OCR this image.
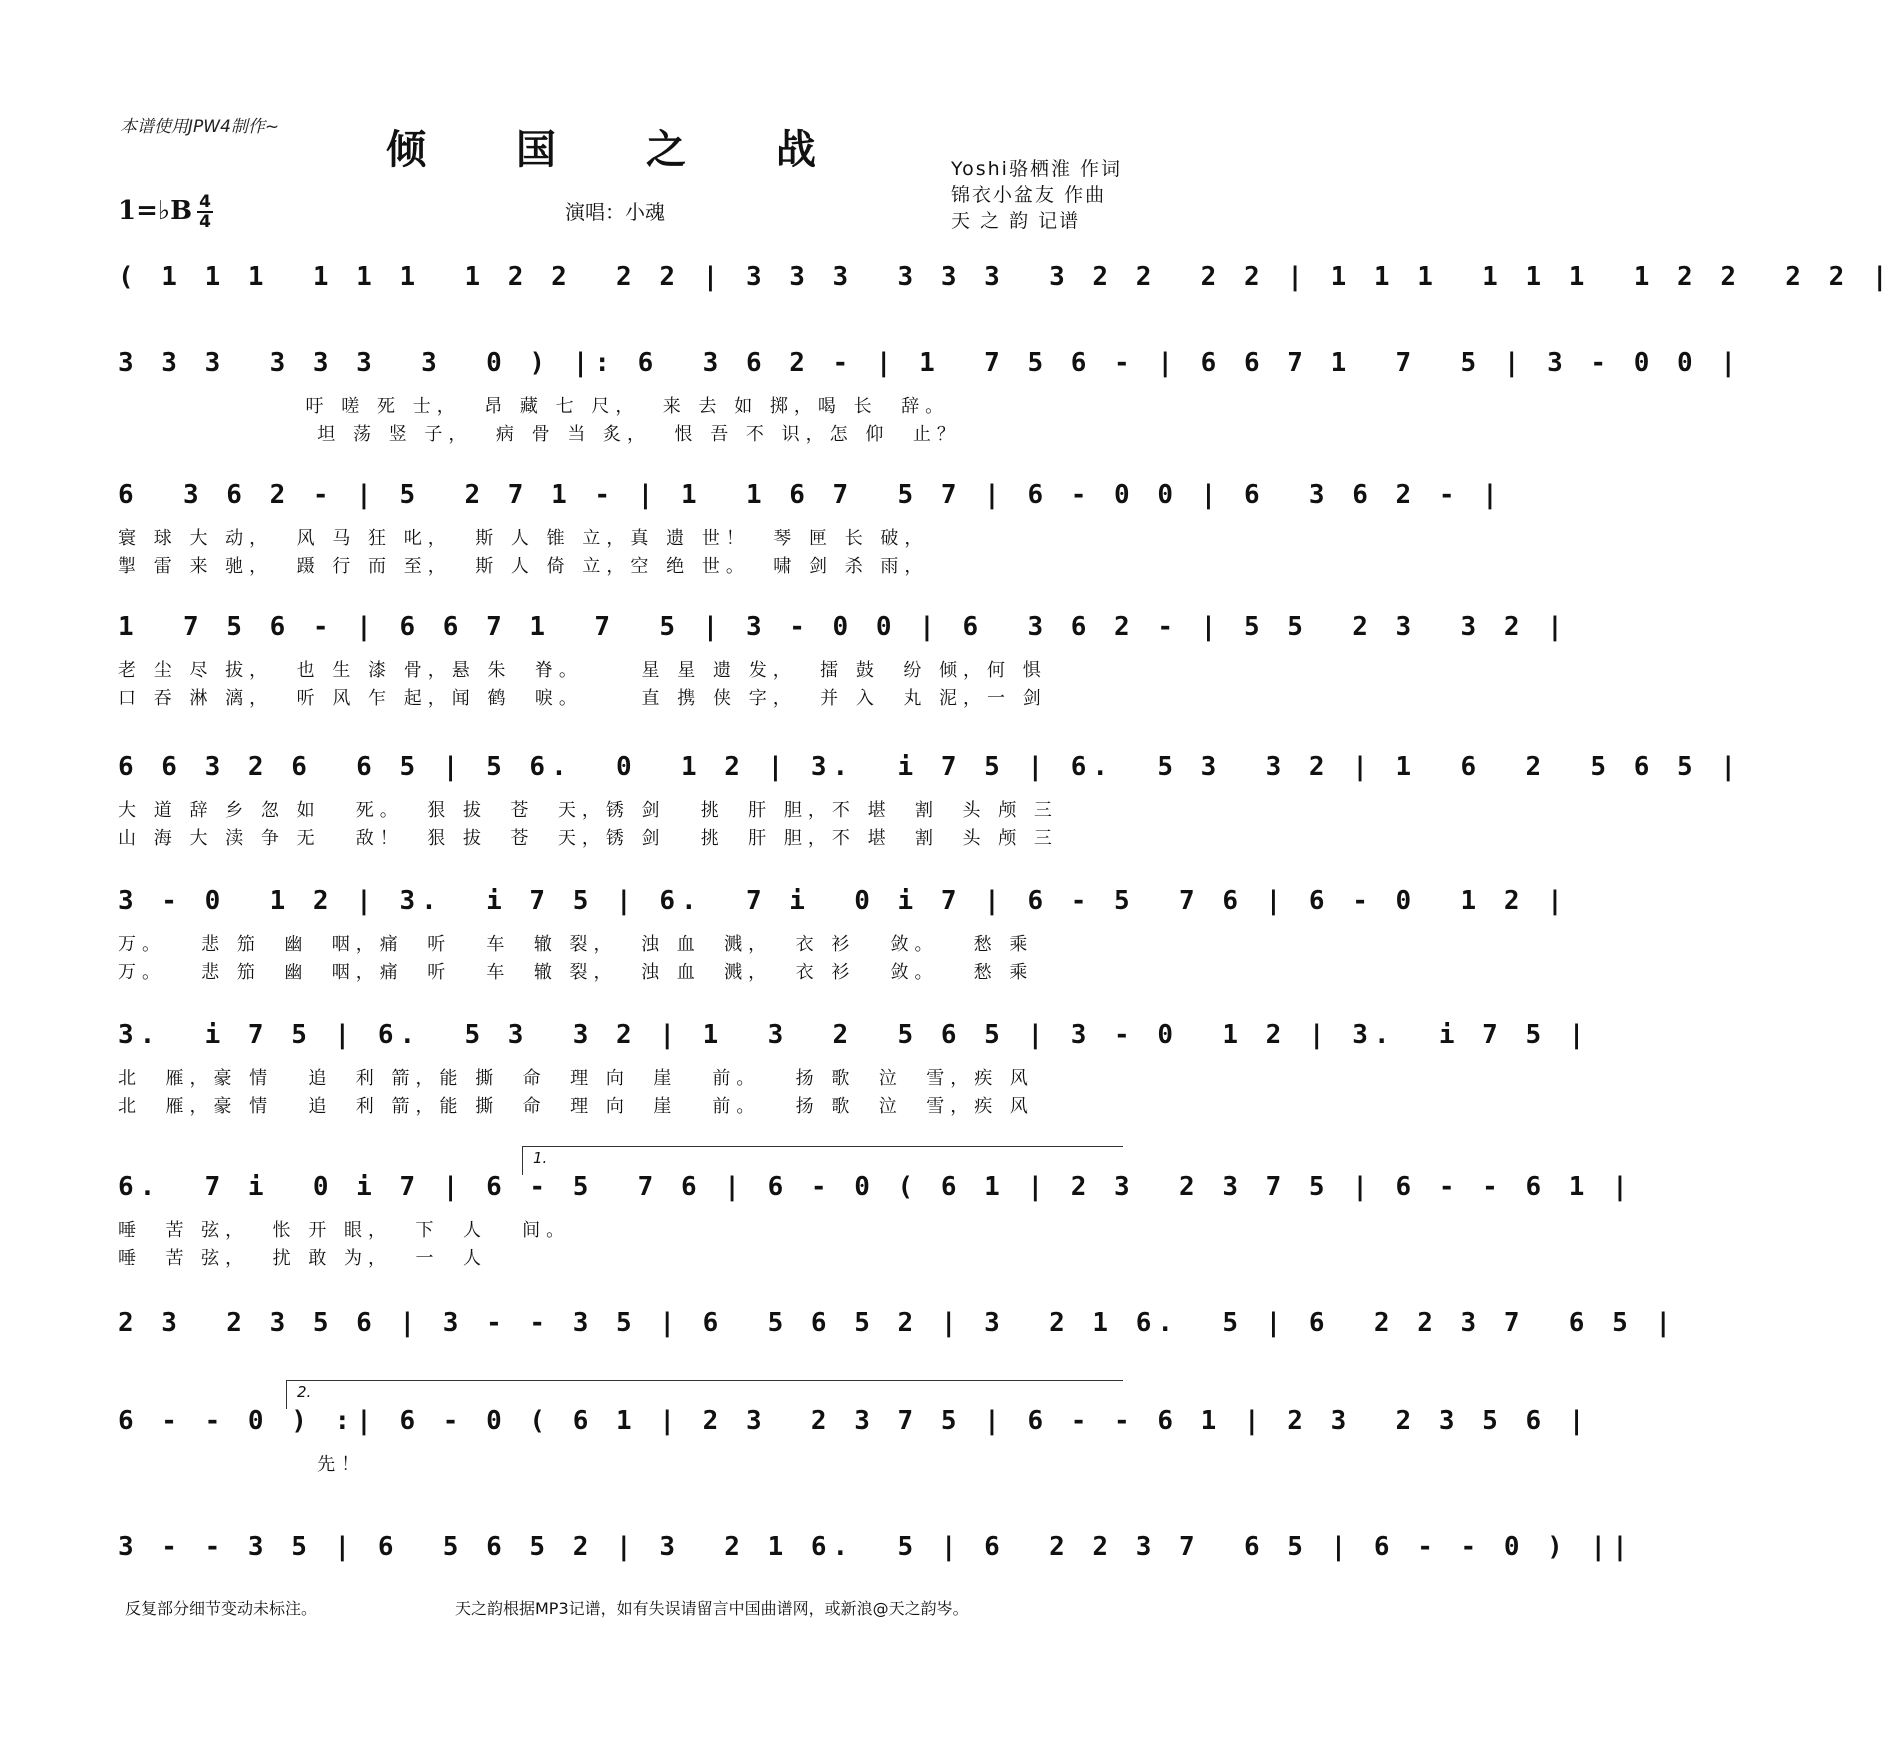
本谱使用JPW4制作~	倾 国 之 战	Yoshi骆栖淮 作词
锦衣小盆友 作曲
天 之 韵 记谱
1=♭B 4
4	演唱：小魂
( 1 1 1  1 1 1  1 2 2  2 2 | 3 3 3  3 3 3  3 2 2  2 2 | 1 1 1  1 1 1  1 2 2  2 2 |
3 3 3  3 3 3  3  0 ) |: 6  3 6 2 - | 1  7 5 6 - | 6 6 7 1  7  5 | 3 - 0 0 |
吁 嗟 死 士，  昂 藏 七 尺，  来 去 如 掷，喝 长  辞。
坦 荡 竖 子，  病 骨 当 炙，  恨 吾 不 识，怎 仰  止？
6  3 6 2 - | 5  2 7 1 - | 1  1 6 7  5 7 | 6 - 0 0 | 6  3 6 2 - |
寰 球 大 动，  风 马 狂 叱，  斯 人 锥 立，真 遗 世！  琴 匣 长 破，
掣 雷 来 驰，  蹑 行 而 至，  斯 人 倚 立，空 绝 世。  啸 剑 杀 雨，
1  7 5 6 - | 6 6 7 1  7  5 | 3 - 0 0 | 6  3 6 2 - | 5 5  2 3  3 2 |
老 尘 尽 拔，  也 生 漆 骨，悬 朱  脊。     星 星 遗 发，  擂 鼓  纷 倾，何 惧
口 吞 淋 漓，  听 风 乍 起，闻 鹤  唳。     直 携 侠 字，  并 入  丸 泥，一 剑
6 6 3 2 6  6 5 | 5 6.  0  1 2 | 3.  i 7 5 | 6.  5 3  3 2 | 1  6  2  5 6 5 |
大 道 辞 乡 忽 如   死。  狠 拔  苍  天，锈 剑   挑  肝 胆，不 堪  割  头 颅 三
山 海 大 渎 争 无   敌！  狠 拔  苍  天，锈 剑   挑  肝 胆，不 堪  割  头 颅 三
3 - 0  1 2 | 3.  i 7 5 | 6.  7 i  0 i 7 | 6 - 5  7 6 | 6 - 0  1 2 |
万。   悲 笳  幽  咽，痛  听   车  辙 裂，  浊 血  溅，  衣 衫   敛。   愁 乘
万。   悲 笳  幽  咽，痛  听   车  辙 裂，  浊 血  溅，  衣 衫   敛。   愁 乘
3.  i 7 5 | 6.  5 3  3 2 | 1  3  2  5 6 5 | 3 - 0  1 2 | 3.  i 7 5 |
北  雁，豪 情   追  利 箭，能 撕  命  理 向  崖   前。   扬 歌  泣  雪，疾 风
北  雁，豪 情   追  利 箭，能 撕  命  理 向  崖   前。   扬 歌  泣  雪，疾 风
1.
6.  7 i  0 i 7 | 6 - 5  7 6 | 6 - 0 ( 6 1 | 2 3  2 3 7 5 | 6 - - 6 1 |
唾  苦 弦，  怅 开 眼，  下  人   间。
唾  苦 弦，  扰 敢 为，  一  人
2 3  2 3 5 6 | 3 - - 3 5 | 6  5 6 5 2 | 3  2 1 6.  5 | 6  2 2 3 7  6 5 |
2.
6 - - 0 ) :| 6 - 0 ( 6 1 | 2 3  2 3 7 5 | 6 - - 6 1 | 2 3  2 3 5 6 |
先！
3 - - 3 5 | 6  5 6 5 2 | 3  2 1 6.  5 | 6  2 2 3 7  6 5 | 6 - - 0 ) ||
反复部分细节变动未标注。	天之韵根据MP3记谱，如有失误请留言中国曲谱网，或新浪@天之韵岑。
